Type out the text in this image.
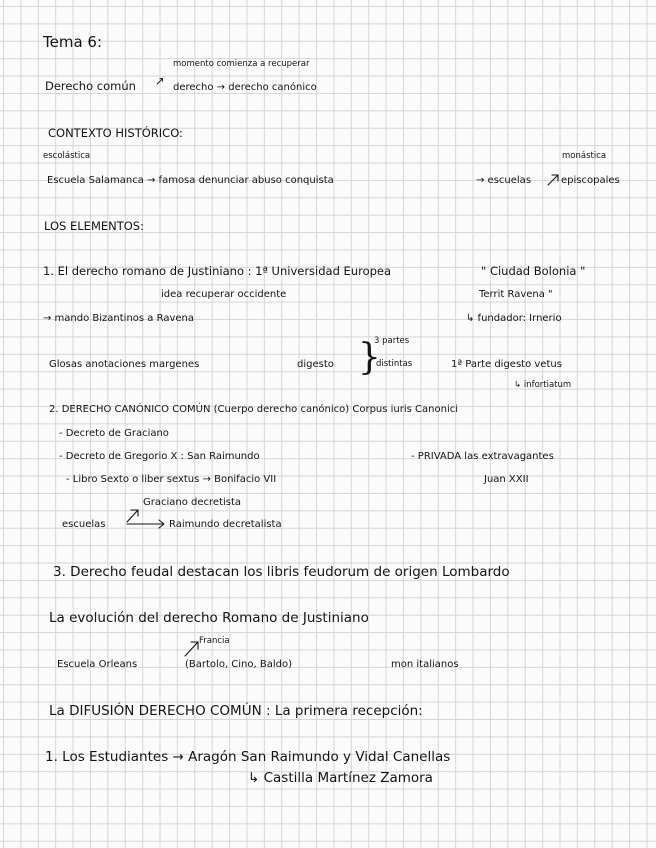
Tema 6:
momento comienza a recuperar
Derecho común ↗ derecho → derecho canónico
CONTEXTO HISTÓRICO:
escolástica	monástica
Escuela Salamanca → famosa denunciar abuso conquista	→ escuelas	episcopales
LOS ELEMENTOS:
1. El derecho romano de Justiniano : 1ª Universidad Europea	" Ciudad Bolonia "
idea recuperar occidente	Territ Ravena "
→ mando Bizantinos a Ravena	↳ fundador: Irnerio
3 partes
Glosas anotaciones margenes	digesto }
distintas	1ª Parte digesto vetus
↳ infortiatum
2. DERECHO CANÓNICO COMÚN (Cuerpo derecho canónico) Corpus iuris Canonici
- Decreto de Graciano
- Decreto de Gregorio X : San Raimundo	- PRIVADA las extravagantes
- Libro Sexto o liber sextus → Bonifacio VII	Juan XXII
Graciano decretista
escuelas	Raimundo decretalista
3. Derecho feudal destacan los libris feudorum de origen Lombardo
La evolución del derecho Romano de Justiniano
Francia
Escuela Orleans	(Bartolo, Cino, Baldo)	mon italianos
La DIFUSIÓN DERECHO COMÚN : La primera recepción:
1. Los Estudiantes → Aragón San Raimundo y Vidal Canellas
↳ Castilla Martínez Zamora
